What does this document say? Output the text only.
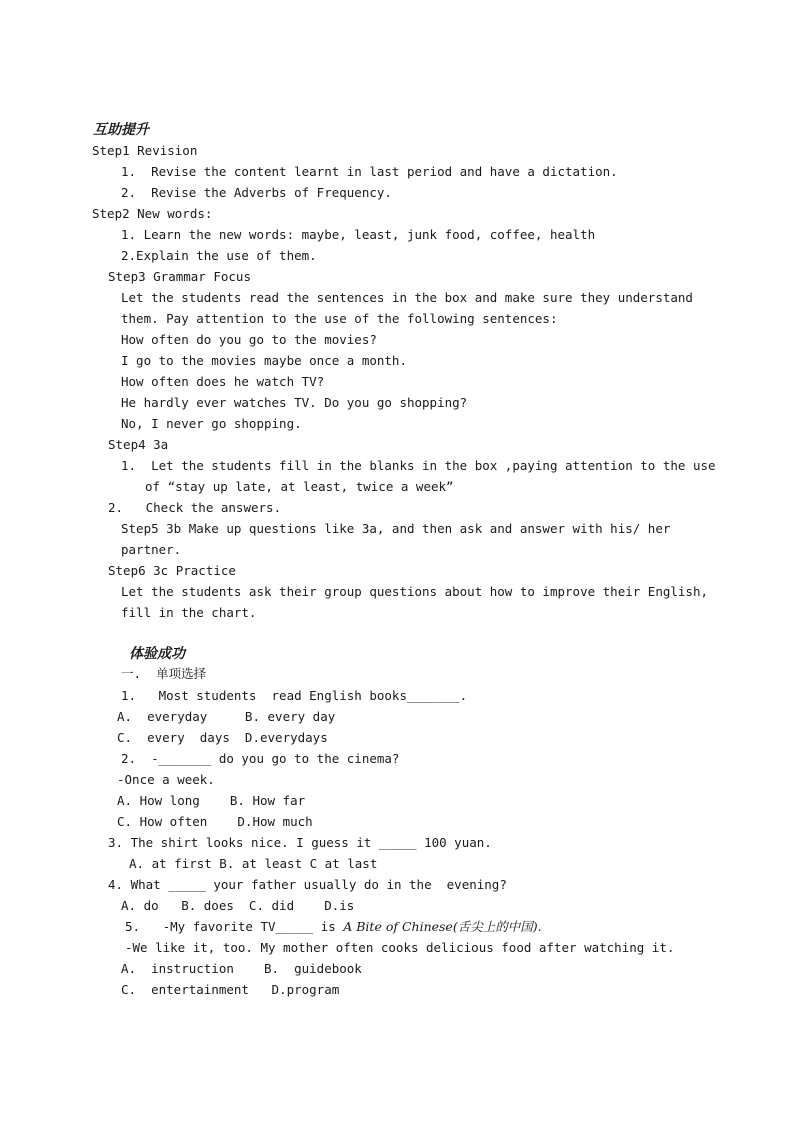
互助提升
Step1 Revision
1.  Revise the content learnt in last period and have a dictation.
2.  Revise the Adverbs of Frequency.
Step2 New words:
1. Learn the new words: maybe, least, junk food, coffee, health
2.Explain the use of them.
Step3 Grammar Focus
Let the students read the sentences in the box and make sure they understand
them. Pay attention to the use of the following sentences:
How often do you go to the movies?
I go to the movies maybe once a month.
How often does he watch TV?
He hardly ever watches TV. Do you go shopping?
No, I never go shopping.
Step4 3a
1.  Let the students fill in the blanks in the box ,paying attention to the use
of “stay up late, at least, twice a week”
2.   Check the answers.
Step5 3b Make up questions like 3a, and then ask and answer with his/ her
partner.
Step6 3c Practice
Let the students ask their group questions about how to improve their English,
fill in the chart.
体验成功
一.  单项选择
1.   Most students  read English books_______.
A.  everyday     B. every day
C.  every  days  D.everydays
2.  -_______ do you go to the cinema?
-Once a week.
A. How long    B. How far
C. How often    D.How much
3. The shirt looks nice. I guess it _____ 100 yuan.
A. at first B. at least C at last
4. What _____ your father usually do in the  evening?
A. do   B. does  C. did    D.is
5.   -My favorite TV_____ is A Bite of Chinese(舌尖上的中国).
-We like it, too. My mother often cooks delicious food after watching it.
A.  instruction    B.  guidebook
C.  entertainment   D.program
